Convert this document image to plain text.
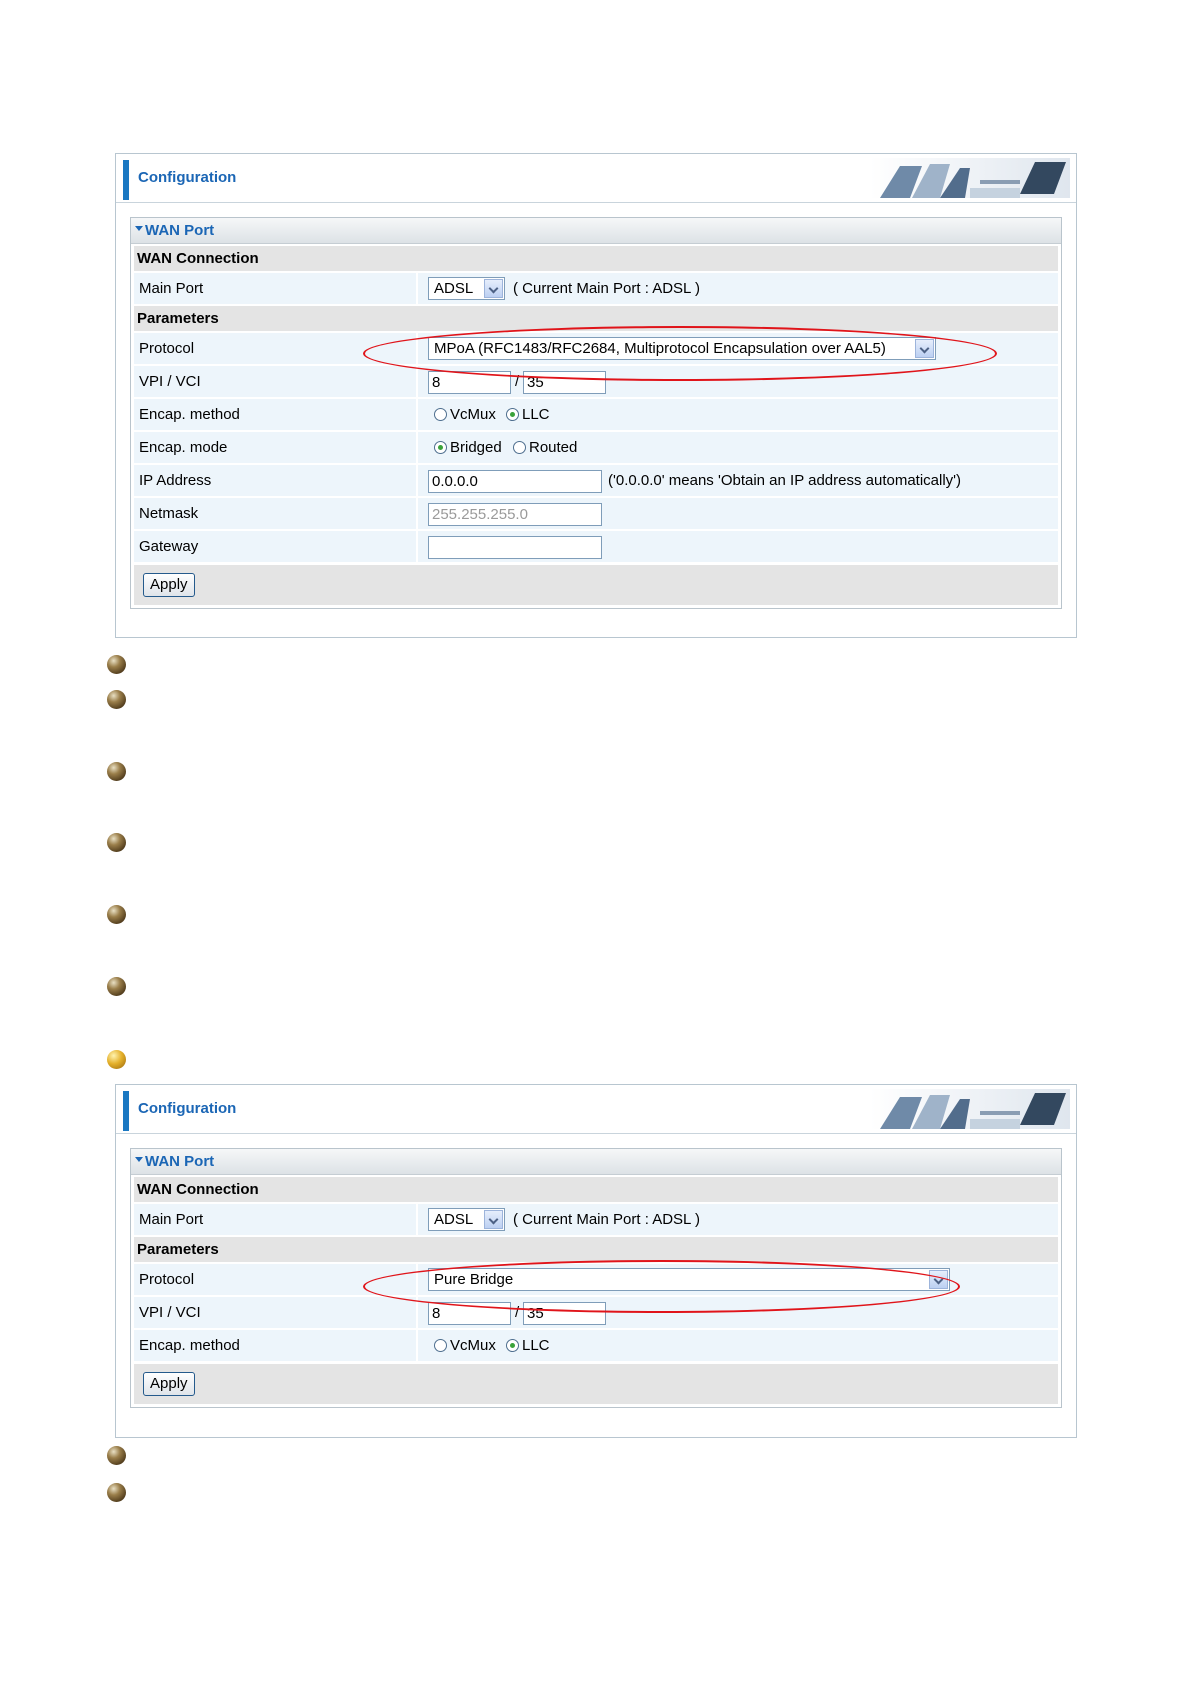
Configuration
WAN Port
WAN Connection
Main Port	ADSL	( Current Main Port : ADSL )
Parameters
Protocol	MPoA (RFC1483/RFC2684, Multiprotocol Encapsulation over AAL5)
VPI / VCI	8	/ 35
Encap. method	VcMux LLC
Encap. mode	Bridged Routed
IP Address	0.0.0.0	('0.0.0.0' means 'Obtain an IP address automatically')
Netmask	255.255.255.0
Gateway
Apply
Configuration
WAN Port
WAN Connection
Main Port	ADSL	( Current Main Port : ADSL )
Parameters
Protocol	Pure Bridge
VPI / VCI	8	/ 35
Encap. method	VcMux LLC
Apply
